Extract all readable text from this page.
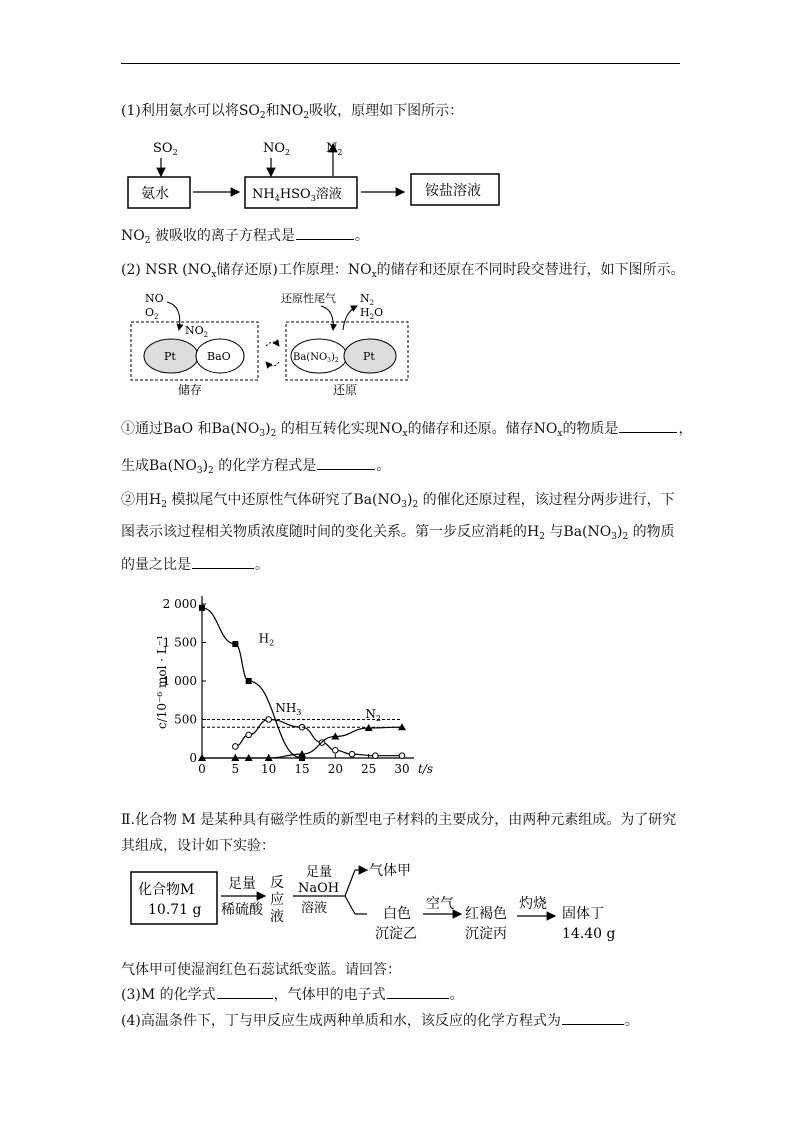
(1)利用氨水可以将$SO_2$和$NO_2$吸收，原理如下图所示：
$SO_2$
氨水
$NO_2$	$N_2$
$NH_4HSO_3$溶液	铵盐溶液
$NO_2$ 被吸收的离子方程式是	。
(2) NSR ($NO_x$储存还原)工作原理：$NO_x$的储存和还原在不同时段交替进行，如下图所示。
NO
$O_2$
$NO_2$
Pt	BaO
储存
还原性尾气 $N_2$
$H_2O$
$Ba(NO_3)_2$ Pt
还原
①通过BaO 和$Ba(NO_3)_2$ 的相互转化实现$NO_x$的储存和还原。储存$NO_x$的物质是	，
生成$Ba(NO_3)_2$ 的化学方程式是	。
②用$H_2$ 模拟尾气中还原性气体研究了$Ba(NO_3)_2$ 的催化还原过程，该过程分两步进行，下
图表示该过程相关物质浓度随时间的变化关系。第一步反应消耗的$H_2$ 与$Ba(NO_3)_2$ 的物质
的量之比是	。
0
500
1 000
1 500
2 000
0 5 10 15 20 25 30 t/s
c/10⁻⁶ mol · L⁻¹	$H_2$
$NH_3$	$N_2$
Ⅱ.化合物 M 是某种具有磁学性质的新型电子材料的主要成分，由两种元素组成。为了研究
其组成，设计如下实验：
化合物M
10.71 g
足量
稀硫酸
反
应
液
足量
NaOH
溶液
气体甲
白色
沉淀乙
空气
红褐色
沉淀丙
灼烧
固体丁
14.40 g
气体甲可使湿润红色石蕊试纸变蓝。请回答：
(3)M 的化学式	，气体甲的电子式	。
(4)高温条件下，丁与甲反应生成两种单质和水，该反应的化学方程式为	。
